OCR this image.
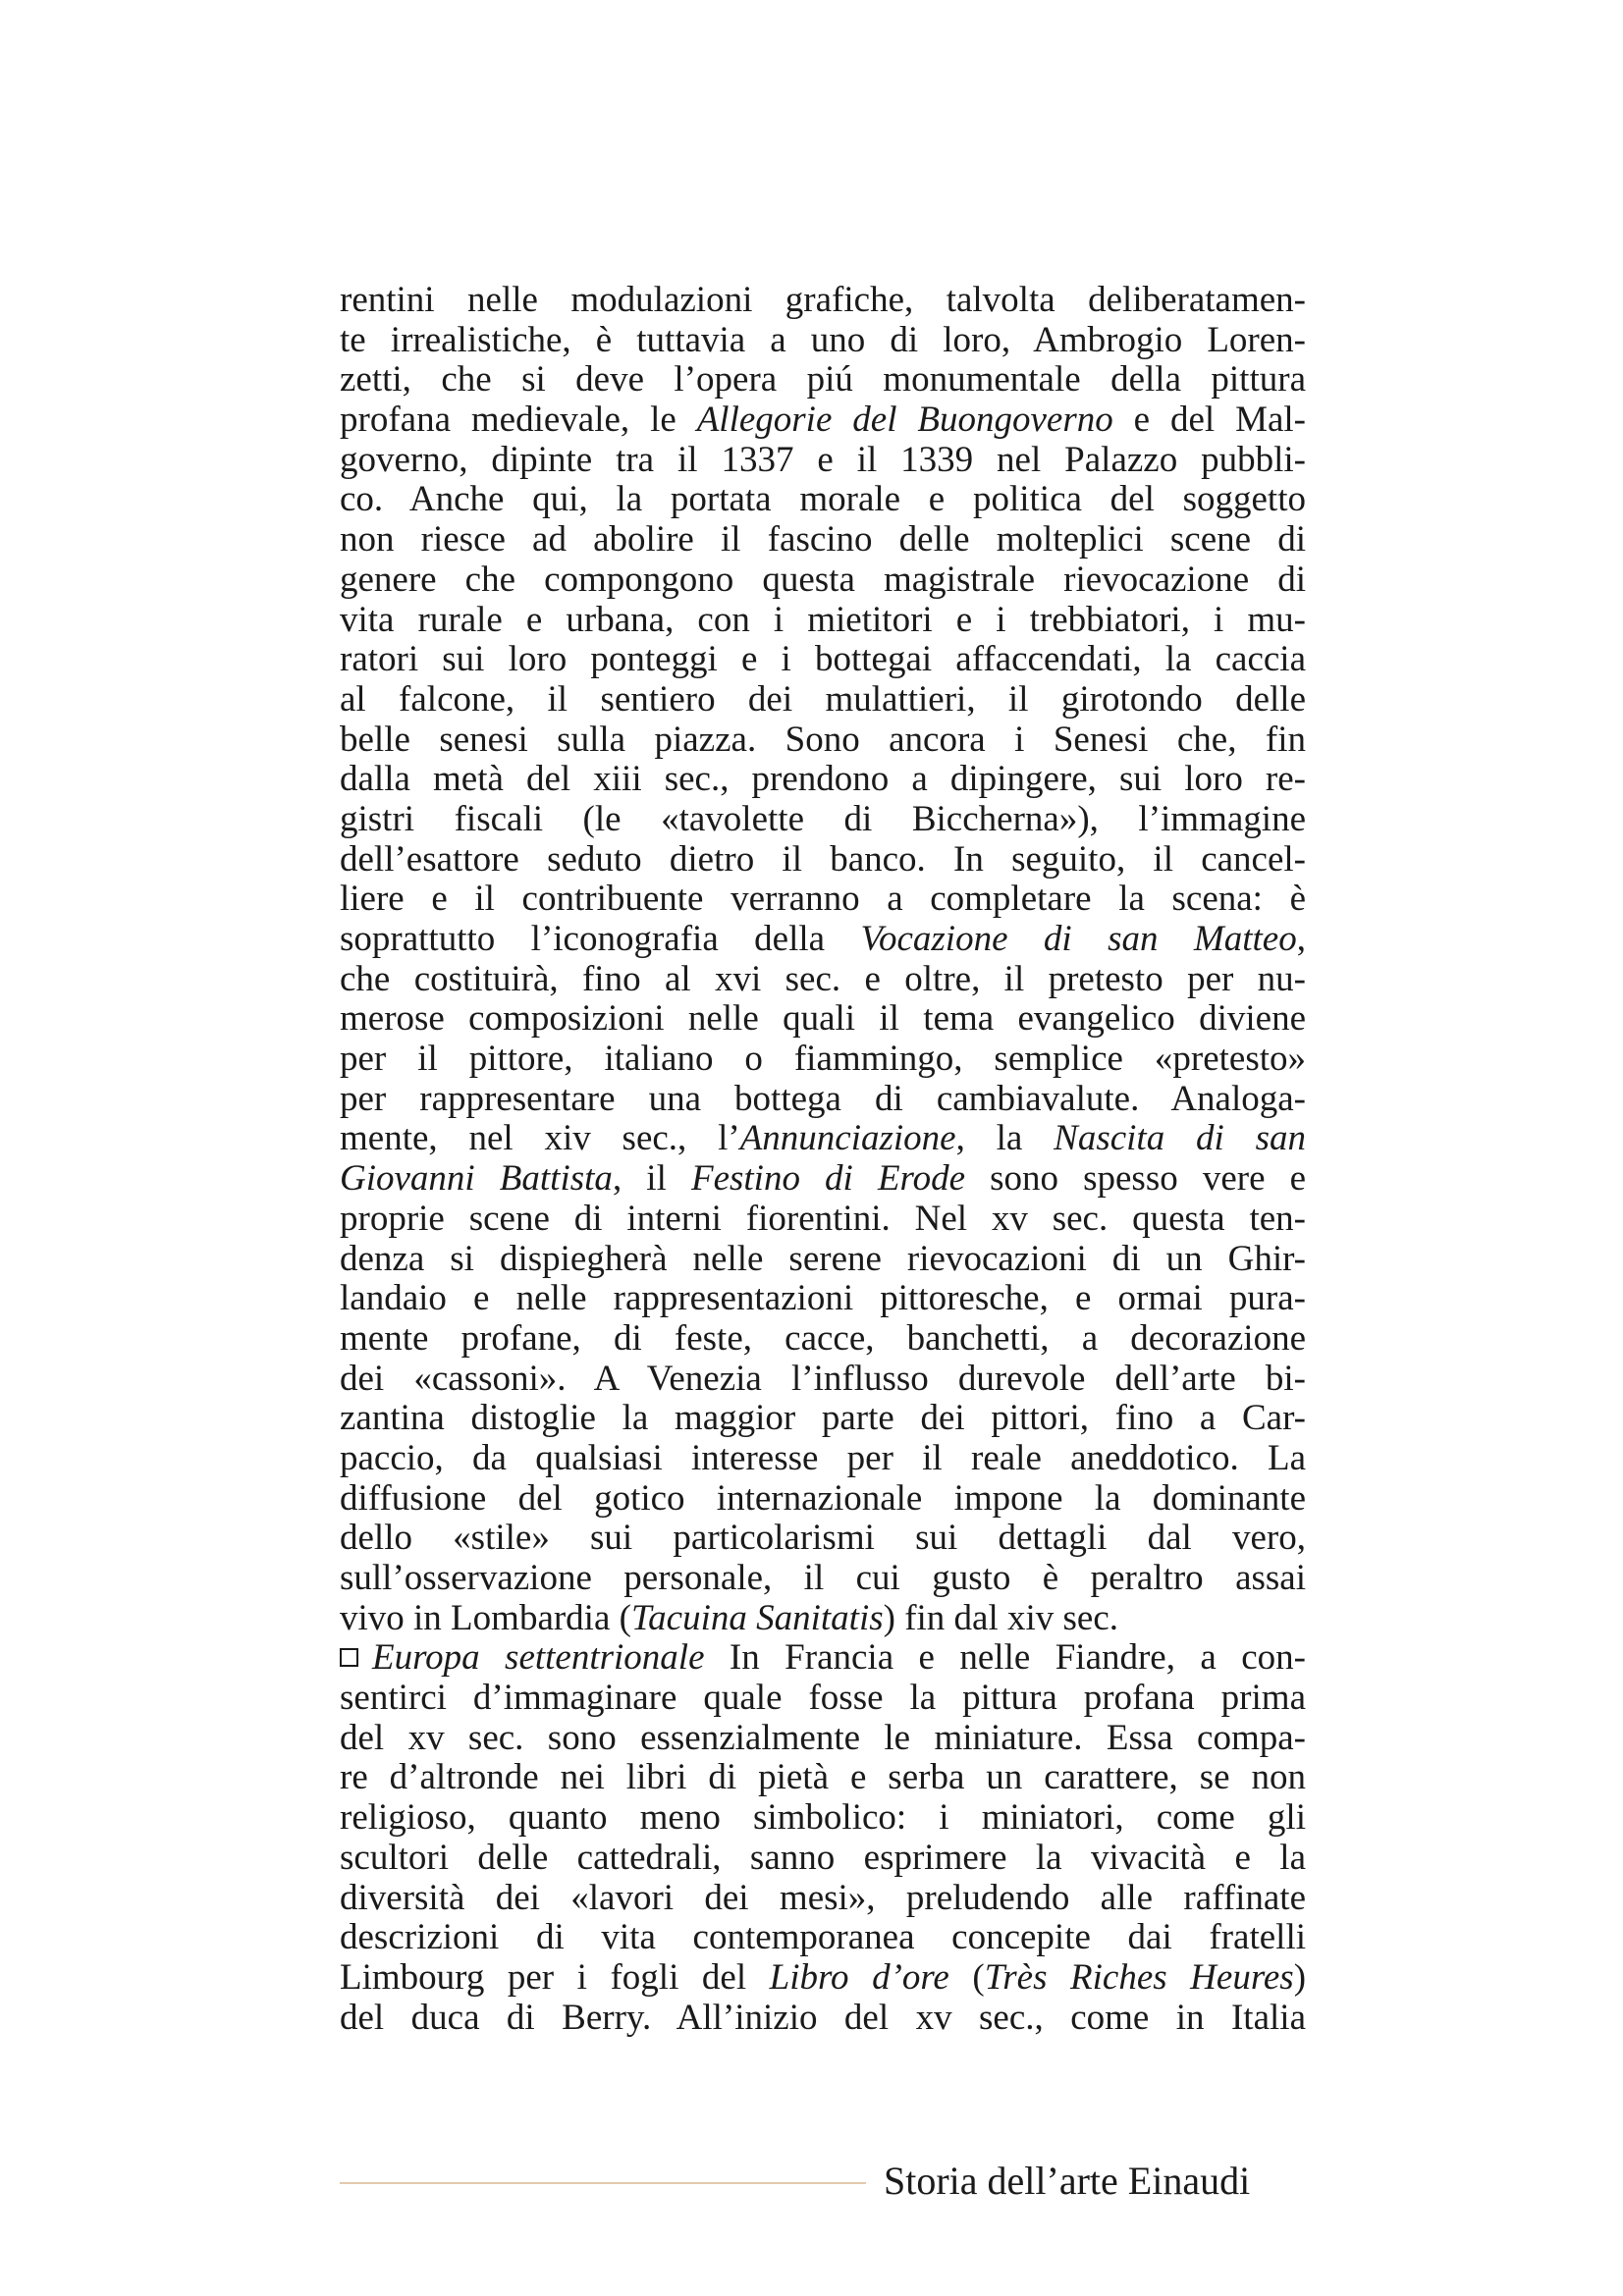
rentini nelle modulazioni grafiche, talvolta deliberatamen-
te irrealistiche, è tuttavia a uno di loro, Ambrogio Loren-
zetti, che si deve l’opera piú monumentale della pittura
profana medievale, le Allegorie del Buongoverno e del Mal-
governo, dipinte tra il 1337 e il 1339 nel Palazzo pubbli-
co. Anche qui, la portata morale e politica del soggetto
non riesce ad abolire il fascino delle molteplici scene di
genere che compongono questa magistrale rievocazione di
vita rurale e urbana, con i mietitori e i trebbiatori, i mu-
ratori sui loro ponteggi e i bottegai affaccendati, la caccia
al falcone, il sentiero dei mulattieri, il girotondo delle
belle senesi sulla piazza. Sono ancora i Senesi che, fin
dalla metà del xiii sec., prendono a dipingere, sui loro re-
gistri fiscali (le «tavolette di Biccherna»), l’immagine
dell’esattore seduto dietro il banco. In seguito, il cancel-
liere e il contribuente verranno a completare la scena: è
soprattutto l’iconografia della Vocazione di san Matteo,
che costituirà, fino al xvi sec. e oltre, il pretesto per nu-
merose composizioni nelle quali il tema evangelico diviene
per il pittore, italiano o fiammingo, semplice «pretesto»
per rappresentare una bottega di cambiavalute. Analoga-
mente, nel xiv sec., l’Annunciazione, la Nascita di san
Giovanni Battista, il Festino di Erode sono spesso vere e
proprie scene di interni fiorentini. Nel xv sec. questa ten-
denza si dispiegherà nelle serene rievocazioni di un Ghir-
landaio e nelle rappresentazioni pittoresche, e ormai pura-
mente profane, di feste, cacce, banchetti, a decorazione
dei «cassoni». A Venezia l’influsso durevole dell’arte bi-
zantina distoglie la maggior parte dei pittori, fino a Car-
paccio, da qualsiasi interesse per il reale aneddotico. La
diffusione del gotico internazionale impone la dominante
dello «stile» sui particolarismi sui dettagli dal vero,
sull’osservazione personale, il cui gusto è peraltro assai
vivo in Lombardia (Tacuina Sanitatis) fin dal xiv sec.
Europa settentrionale In Francia e nelle Fiandre, a con-
sentirci d’immaginare quale fosse la pittura profana prima
del xv sec. sono essenzialmente le miniature. Essa compa-
re d’altronde nei libri di pietà e serba un carattere, se non
religioso, quanto meno simbolico: i miniatori, come gli
scultori delle cattedrali, sanno esprimere la vivacità e la
diversità dei «lavori dei mesi», preludendo alle raffinate
descrizioni di vita contemporanea concepite dai fratelli
Limbourg per i fogli del Libro d’ore (Très Riches Heures)
del duca di Berry. All’inizio del xv sec., come in Italia
Storia dell’arte Einaudi
